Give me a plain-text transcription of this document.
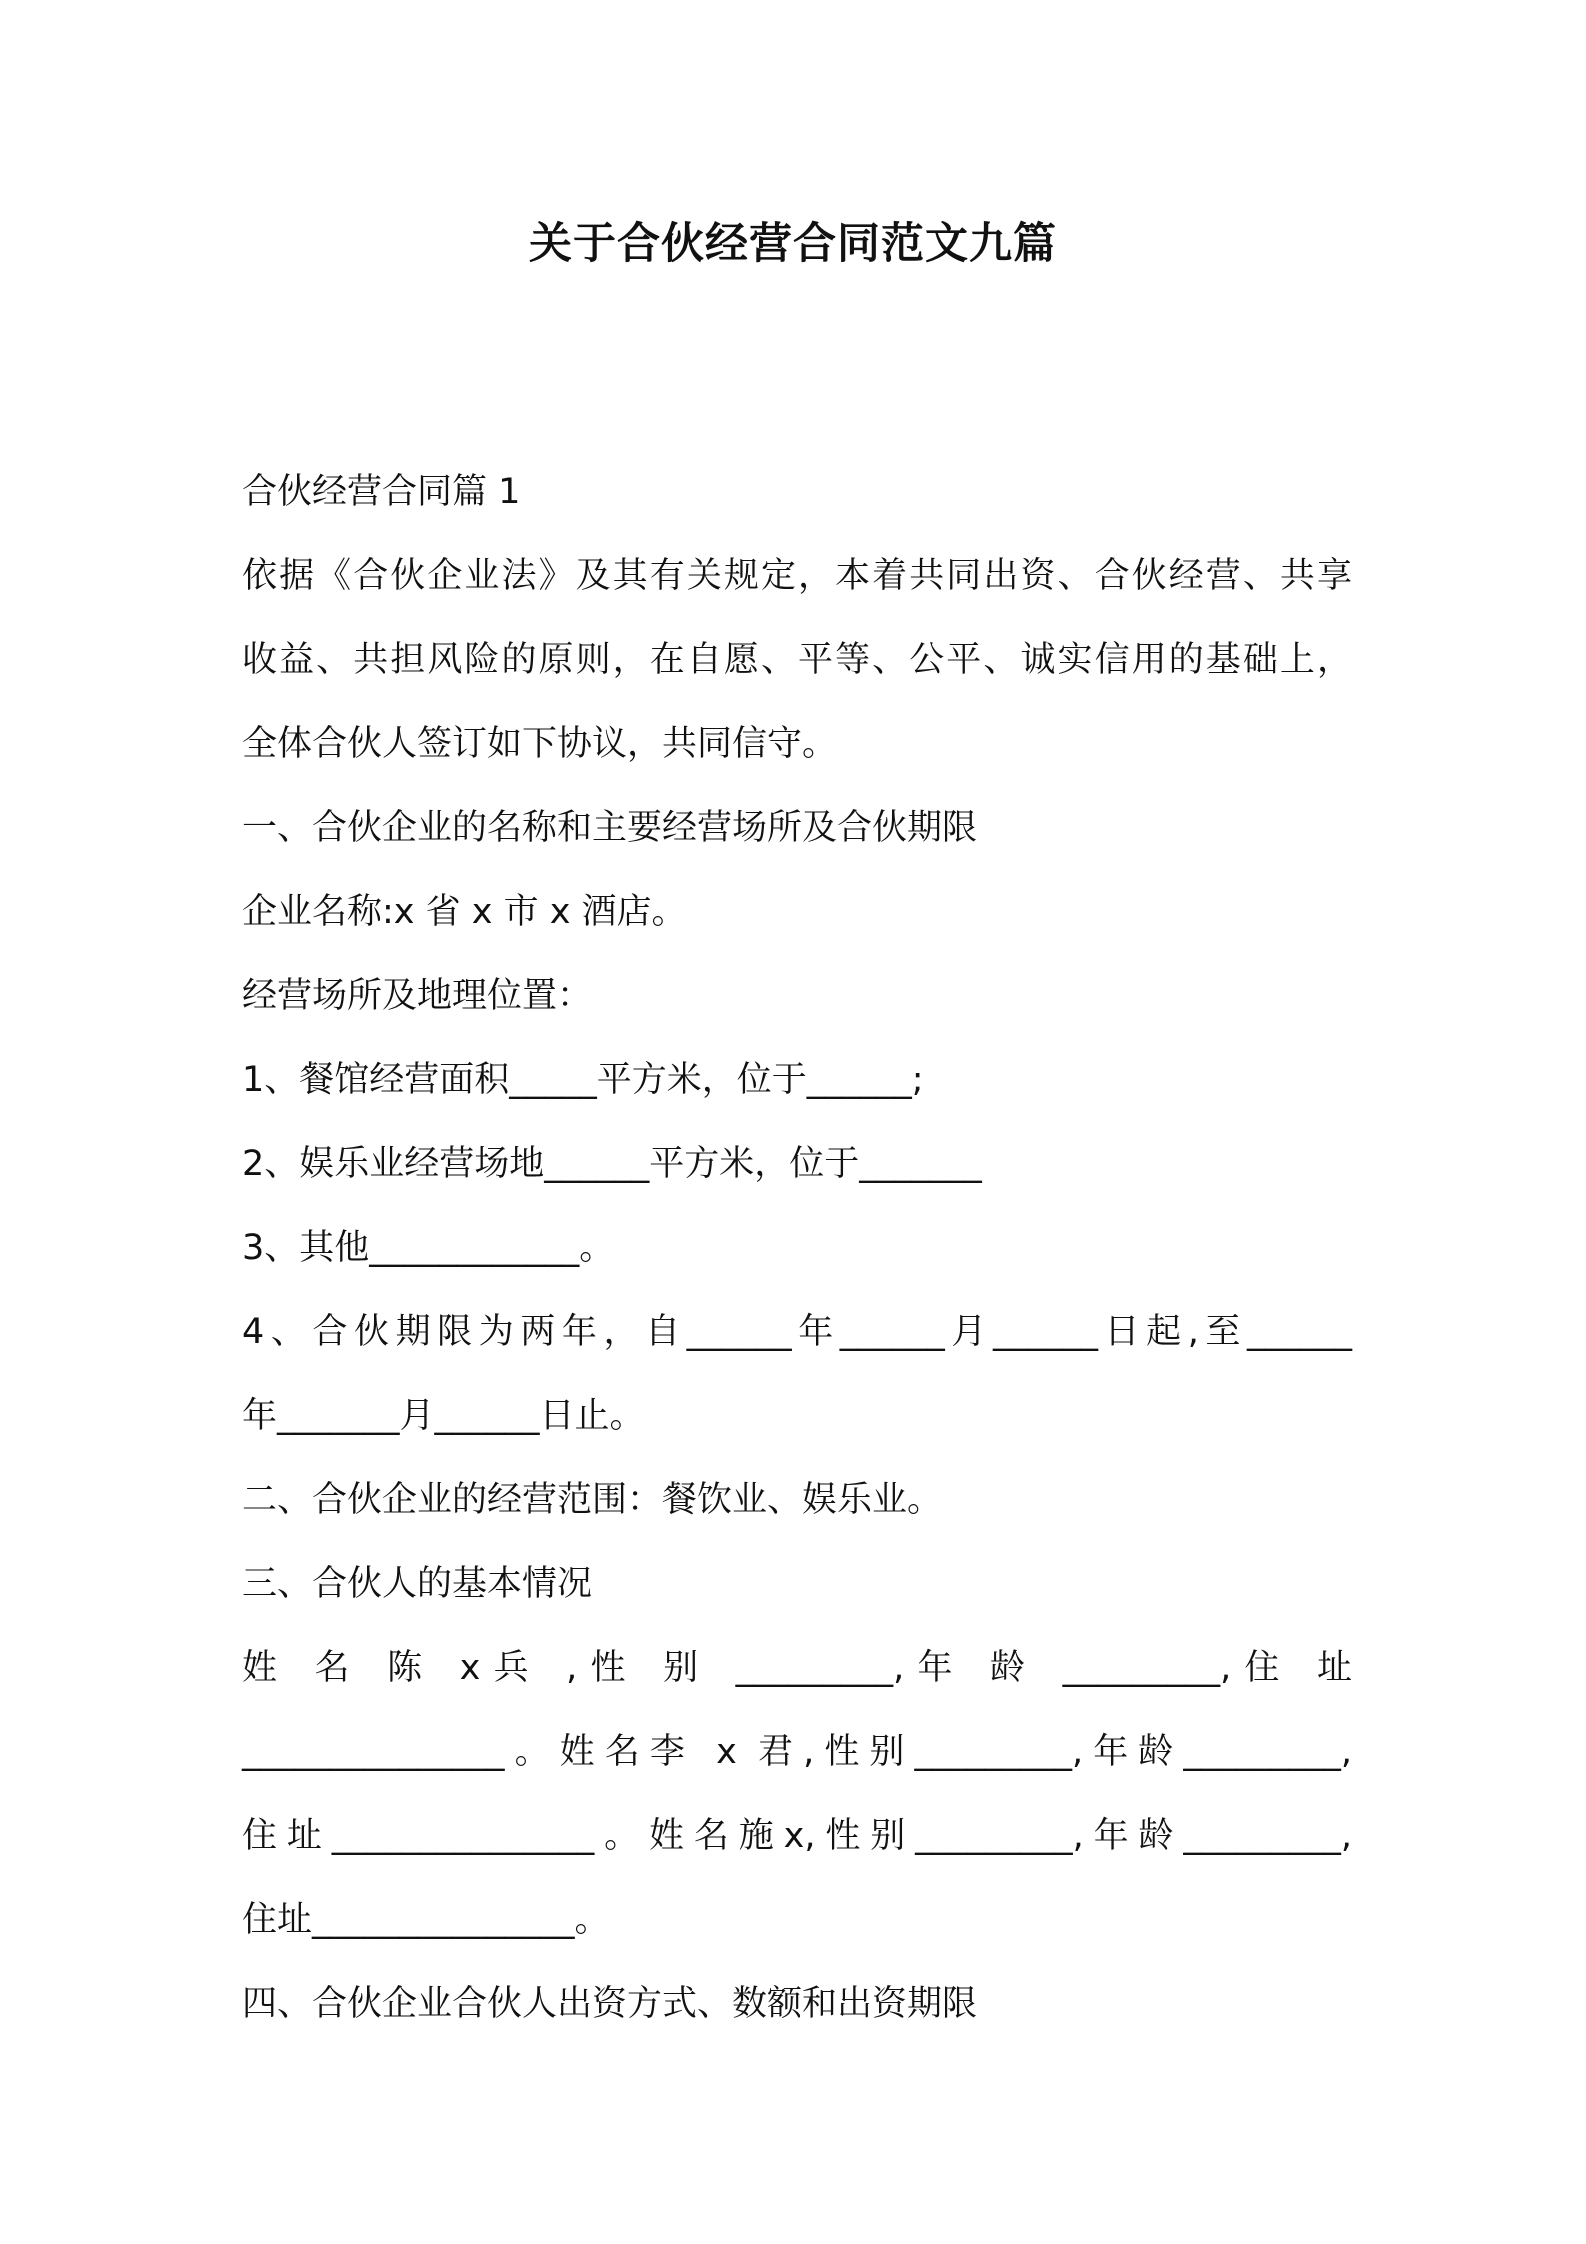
关于合伙经营合同范文九篇

合伙经营合同篇 1

依据《合伙企业法》及其有关规定，本着共同出资、合伙经营、共享

收益、共担风险的原则，在自愿、平等、公平、诚实信用的基础上，

全体合伙人签订如下协议，共同信守。

一、合伙企业的名称和主要经营场所及合伙期限

企业名称:x 省 x 市 x 酒店。

经营场所及地理位置：

1、餐馆经营面积_____平方米，位于______;

2、娱乐业经营场地______平方米，位于_______

3、其他____________。

4、合伙期限为两年，自______年______月______日起,至______

年_______月______日止。

二、合伙企业的经营范围：餐饮业、娱乐业。

三、合伙人的基本情况

姓 名 陈 x兵 ,性 别 _________,年 龄 _________,住 址

_______________。姓名李 x 君,性别_________,年龄_________,

住址_______________。姓名施x,性别_________,年龄_________,

住址_______________。

四、合伙企业合伙人出资方式、数额和出资期限
